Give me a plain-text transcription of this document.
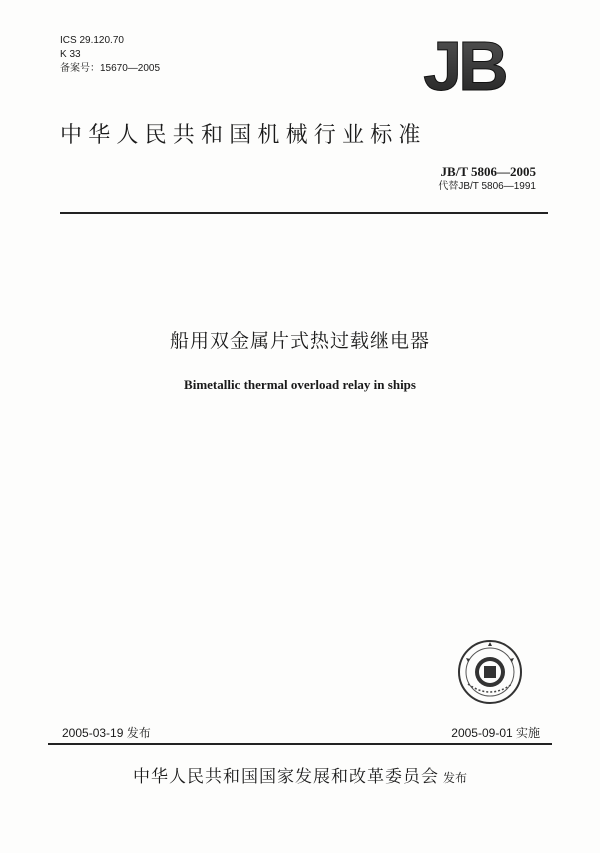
ICS 29.120.70
K 33
备案号：15670—2005	JB
中华人民共和国机械行业标准
JB/T 5806—2005
代替JB/T 5806—1991
船用双金属片式热过载继电器
Bimetallic thermal overload relay in ships
2005-03-19 发布	2005-09-01 实施
中华人民共和国国家发展和改革委员会 发布
